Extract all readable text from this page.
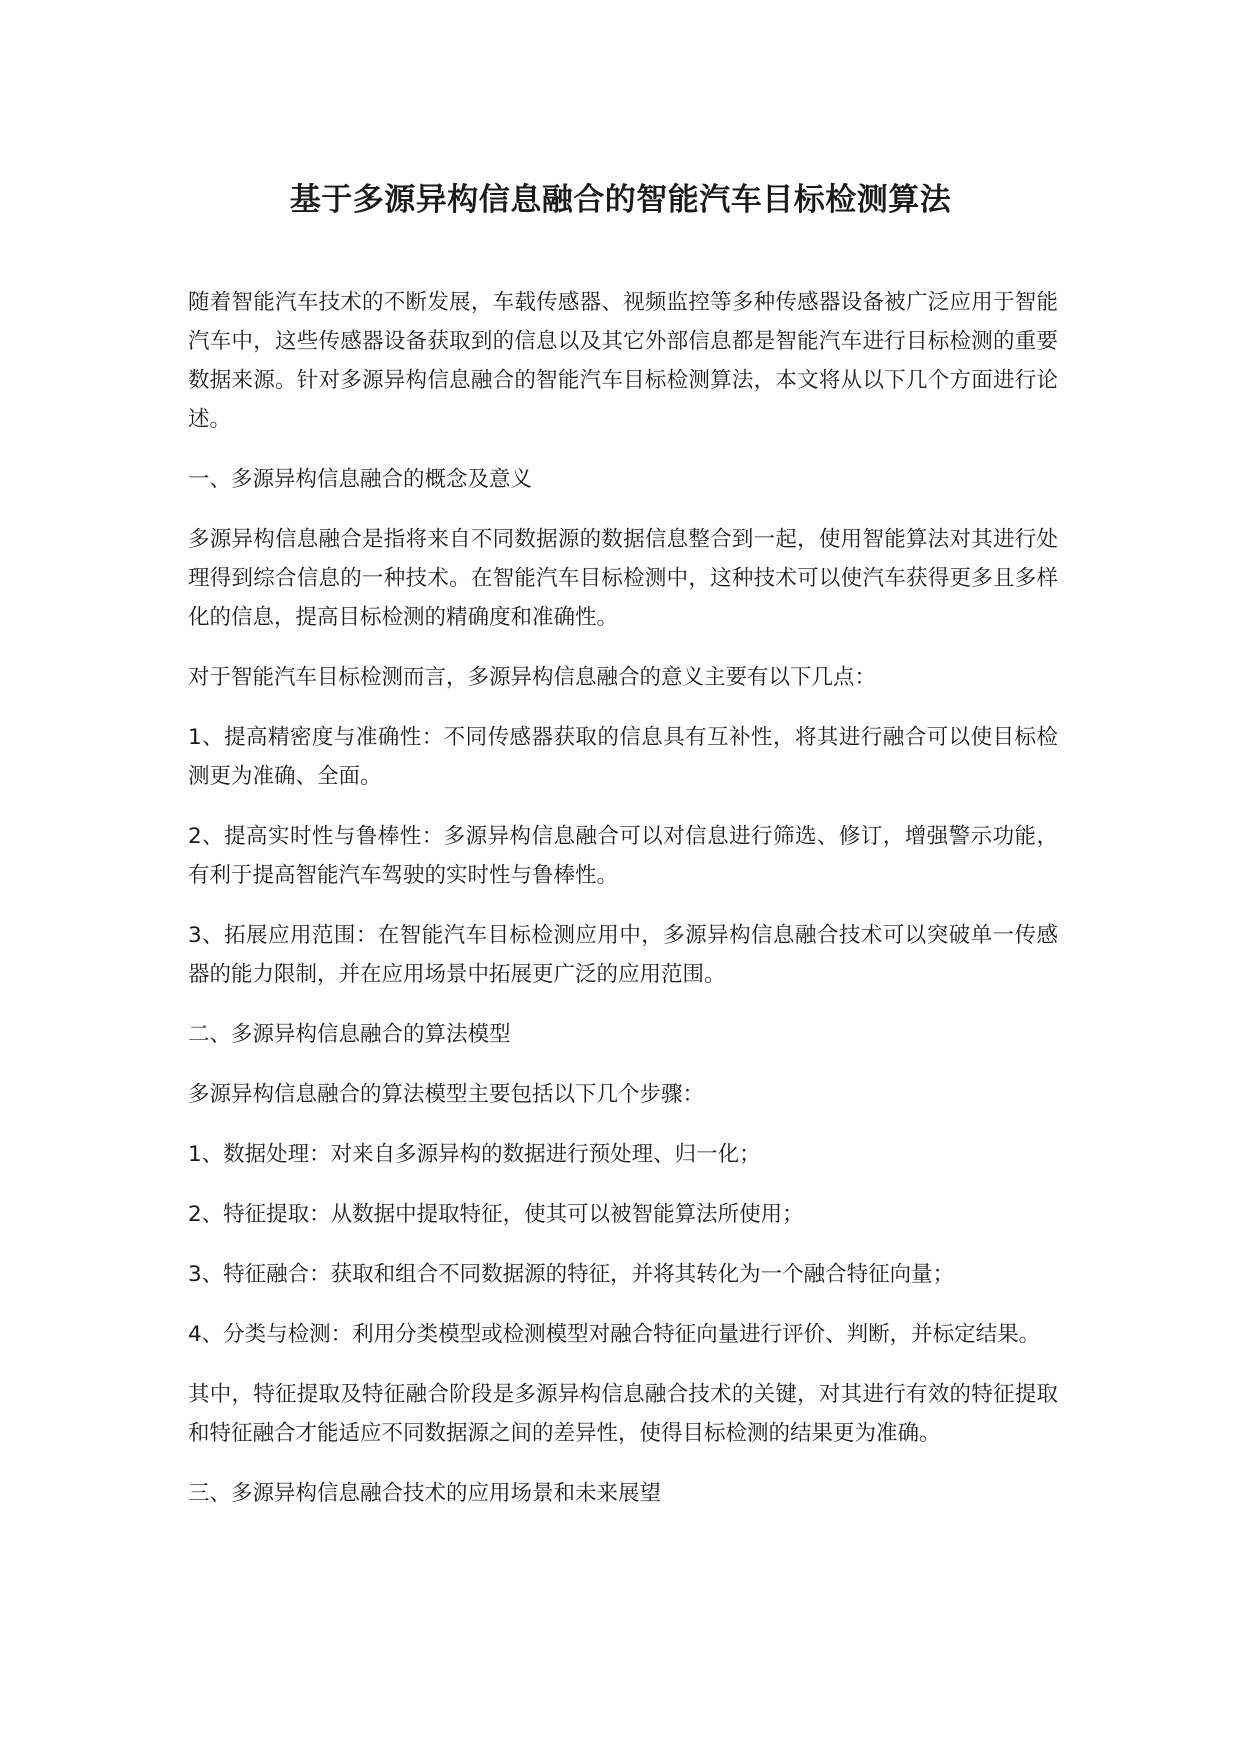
基于多源异构信息融合的智能汽车目标检测算法

随着智能汽车技术的不断发展，车载传感器、视频监控等多种传感器设备被广泛应用于智能汽车中，这些传感器设备获取到的信息以及其它外部信息都是智能汽车进行目标检测的重要数据来源。针对多源异构信息融合的智能汽车目标检测算法，本文将从以下几个方面进行论述。

一、多源异构信息融合的概念及意义

多源异构信息融合是指将来自不同数据源的数据信息整合到一起，使用智能算法对其进行处理得到综合信息的一种技术。在智能汽车目标检测中，这种技术可以使汽车获得更多且多样化的信息，提高目标检测的精确度和准确性。

对于智能汽车目标检测而言，多源异构信息融合的意义主要有以下几点：

1、提高精密度与准确性：不同传感器获取的信息具有互补性，将其进行融合可以使目标检测更为准确、全面。

2、提高实时性与鲁棒性：多源异构信息融合可以对信息进行筛选、修订，增强警示功能，有利于提高智能汽车驾驶的实时性与鲁棒性。

3、拓展应用范围：在智能汽车目标检测应用中，多源异构信息融合技术可以突破单一传感器的能力限制，并在应用场景中拓展更广泛的应用范围。

二、多源异构信息融合的算法模型

多源异构信息融合的算法模型主要包括以下几个步骤：

1、数据处理：对来自多源异构的数据进行预处理、归一化；

2、特征提取：从数据中提取特征，使其可以被智能算法所使用；

3、特征融合：获取和组合不同数据源的特征，并将其转化为一个融合特征向量；

4、分类与检测：利用分类模型或检测模型对融合特征向量进行评价、判断，并标定结果。

其中，特征提取及特征融合阶段是多源异构信息融合技术的关键，对其进行有效的特征提取和特征融合才能适应不同数据源之间的差异性，使得目标检测的结果更为准确。

三、多源异构信息融合技术的应用场景和未来展望
